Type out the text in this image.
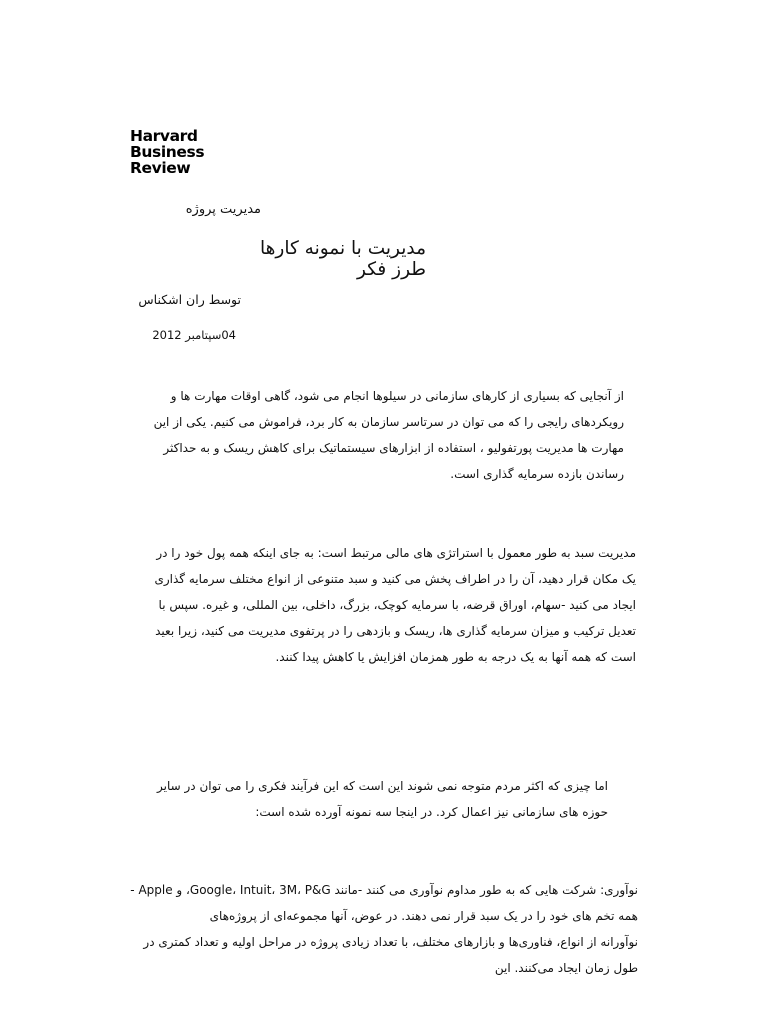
Harvard
Business
Review
مدیریت پروژه
مدیریت با نمونه کارها
طرز فکر
توسط ران اشکناس
04سپتامبر 2012
از آنجایی که بسیاری از کارهای سازمانی در سیلوها انجام می شود، گاهی اوقات مهارت ها و
رویکردهای رایجی را که می توان در سرتاسر سازمان به کار برد، فراموش می کنیم. یکی از این
مهارت ها مدیریت پورتفولیو ، استفاده از ابزارهای سیستماتیک برای کاهش ریسک و به حداکثر
رساندن بازده سرمایه گذاری است.
مدیریت سبد به طور معمول با استراتژی های مالی مرتبط است: به جای اینکه همه پول خود را در
یک مکان قرار دهید، آن را در اطراف پخش می کنید و سبد متنوعی از انواع مختلف سرمایه گذاری
ایجاد می کنید -سهام، اوراق قرضه، با سرمایه کوچک، بزرگ، داخلی، بین المللی، و غیره. سپس با
تعدیل ترکیب و میزان سرمایه گذاری ها، ریسک و بازدهی را در پرتفوی مدیریت می کنید، زیرا بعید
است که همه آنها به یک درجه به طور همزمان افزایش یا کاهش پیدا کنند.
اما چیزی که اکثر مردم متوجه نمی شوند این است که این فرآیند فکری را می توان در سایر
حوزه های سازمانی نیز اعمال کرد. در اینجا سه نمونه آورده شده است:
نوآوری: شرکت هایی که به طور مداوم نوآوری می کنند -مانند Google، Intuit، 3M، P&G، و Apple -
همه تخم های خود را در یک سبد قرار نمی دهند. در عوض، آنها مجموعه‌ای از پروژه‌های
نوآورانه از انواع، فناوری‌ها و بازارهای مختلف، با تعداد زیادی پروژه در مراحل اولیه و تعداد کمتری در
طول زمان ایجاد می‌کنند. این
